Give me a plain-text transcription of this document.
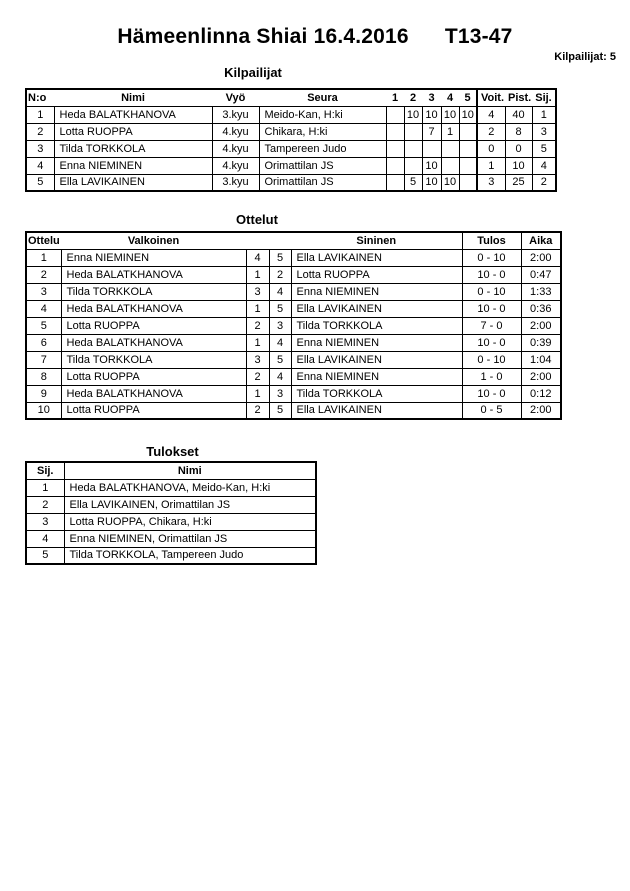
Hämeenlinna Shiai 16.4.2016 T13-47
Kilpailijat: 5
Kilpailijat
N:o	Nimi	Vyö	Seura	1	2	3	4	5	Voit.	Pist.	Sij.
1	Heda BALATKHANOVA	3.kyu	Meido-Kan, H:ki		10	10	10	10	4	40	1
2	Lotta RUOPPA	4.kyu	Chikara, H:ki			7	1		2	8	3
3	Tilda TORKKOLA	4.kyu	Tampereen Judo						0	0	5
4	Enna NIEMINEN	4.kyu	Orimattilan JS			10			1	10	4
5	Ella LAVIKAINEN	3.kyu	Orimattilan JS		5	10	10		3	25	2
Ottelut
Ottelu	Valkoinen			Sininen	Tulos	Aika
1	Enna NIEMINEN	4	5	Ella LAVIKAINEN	0 - 10	2:00
2	Heda BALATKHANOVA	1	2	Lotta RUOPPA	10 - 0	0:47
3	Tilda TORKKOLA	3	4	Enna NIEMINEN	0 - 10	1:33
4	Heda BALATKHANOVA	1	5	Ella LAVIKAINEN	10 - 0	0:36
5	Lotta RUOPPA	2	3	Tilda TORKKOLA	7 - 0	2:00
6	Heda BALATKHANOVA	1	4	Enna NIEMINEN	10 - 0	0:39
7	Tilda TORKKOLA	3	5	Ella LAVIKAINEN	0 - 10	1:04
8	Lotta RUOPPA	2	4	Enna NIEMINEN	1 - 0	2:00
9	Heda BALATKHANOVA	1	3	Tilda TORKKOLA	10 - 0	0:12
10	Lotta RUOPPA	2	5	Ella LAVIKAINEN	0 - 5	2:00
Tulokset
Sij.	Nimi
1	Heda BALATKHANOVA, Meido-Kan, H:ki
2	Ella LAVIKAINEN, Orimattilan JS
3	Lotta RUOPPA, Chikara, H:ki
4	Enna NIEMINEN, Orimattilan JS
5	Tilda TORKKOLA, Tampereen Judo
